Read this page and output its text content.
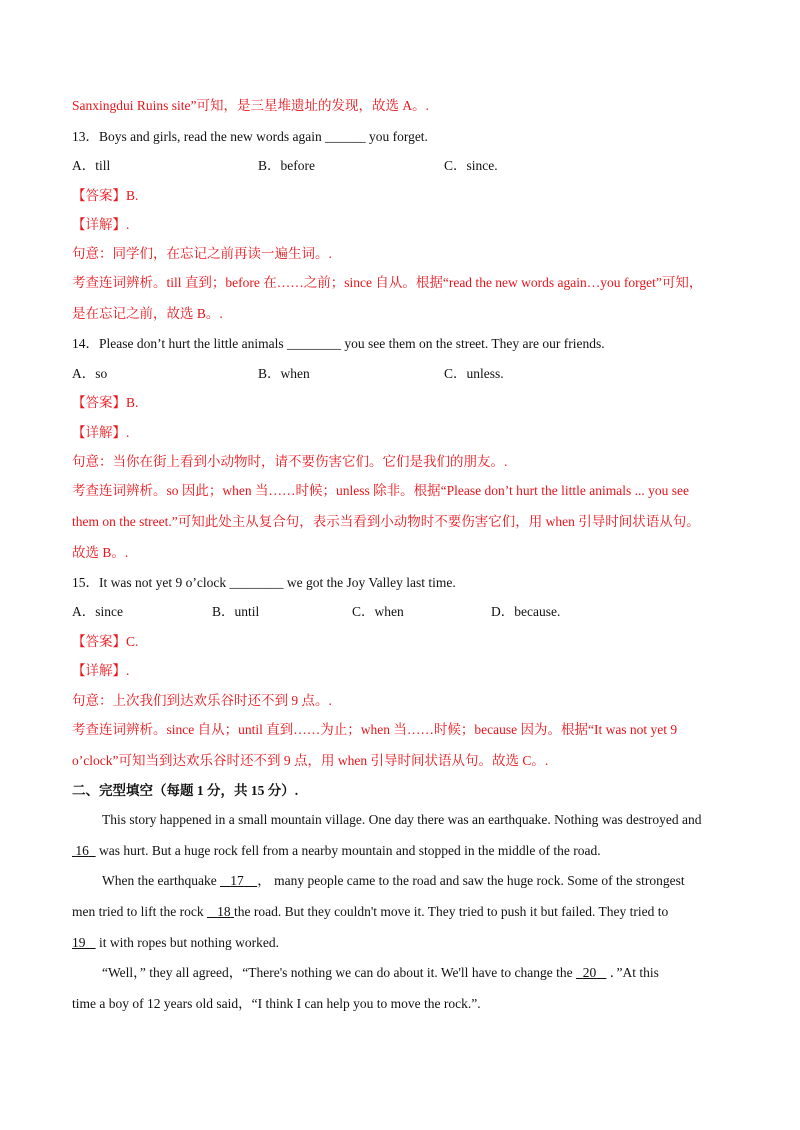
Sanxingdui Ruins site”可知，是三星堆遗址的发现，故选 A。.
13．Boys and girls, read the new words again ______ you forget.
A．till	B．before	C．since.
【答案】B.
【详解】.
句意：同学们，在忘记之前再读一遍生词。.
考查连词辨析。till 直到；before 在……之前；since 自从。根据“read the new words again…you forget”可知，
是在忘记之前，故选 B。.
14．Please don’t hurt the little animals ________ you see them on the street. They are our friends.
A．so	B．when	C．unless.
【答案】B.
【详解】.
句意：当你在街上看到小动物时，请不要伤害它们。它们是我们的朋友。.
考查连词辨析。so 因此；when 当……时候；unless 除非。根据“Please don’t hurt the little animals ... you see
them on the street.”可知此处主从复合句，表示当看到小动物时不要伤害它们，用 when 引导时间状语从句。
故选 B。.
15．It was not yet 9 o’clock ________ we got the Joy Valley last time.
A．since	B．until	C．when	D．because.
【答案】C.
【详解】.
句意：上次我们到达欢乐谷时还不到 9 点。.
考查连词辨析。since 自从；until 直到……为止；when 当……时候；because 因为。根据“It was not yet 9
o’clock”可知当到达欢乐谷时还不到 9 点，用 when 引导时间状语从句。故选 C。.
二、完型填空（每题 1 分，共 15 分）.
This story happened in a small mountain village. One day there was an earthquake. Nothing was destroyed and
16   was hurt. But a huge rock fell from a nearby mountain and stopped in the middle of the road.
When the earthquake    17 ， many people came to the road and saw the huge rock. Some of the strongest
men tried to lift the rock    18 the road. But they couldn't move it. They tried to push it but failed. They tried to
19    it with ropes but nothing worked.
“Well，” they all agreed，“There's nothing we can do about it. We'll have to change the   20    ．”At this
time a boy of 12 years old said，“I think I can help you to move the rock.”.
